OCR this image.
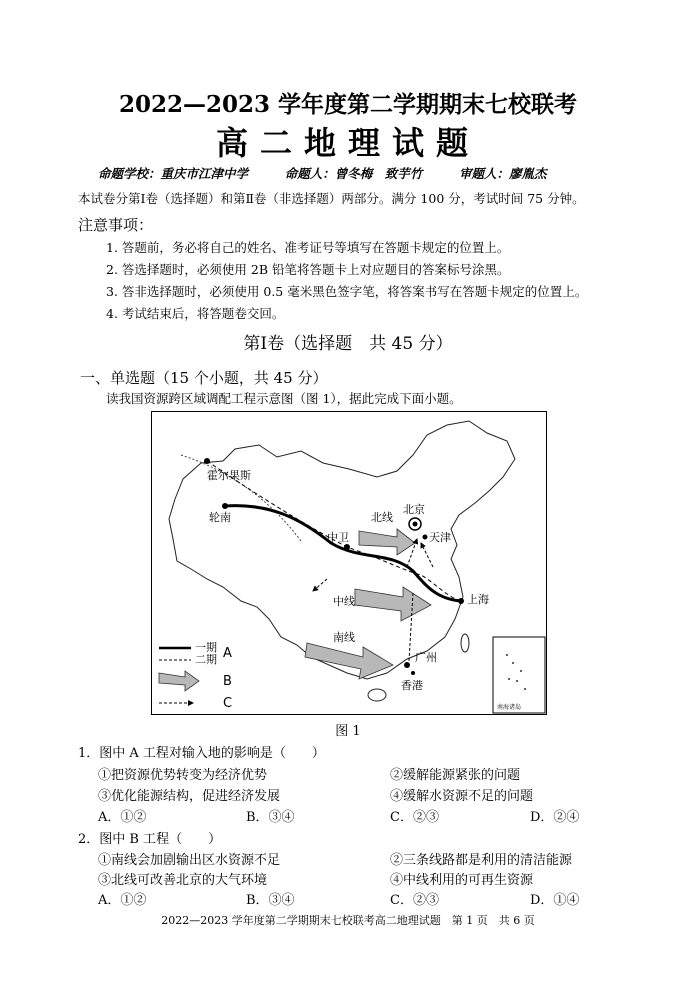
2022—2023 学年度第二学期期末七校联考
高二地理试题
命题学校：重庆市江津中学	命题人：曾冬梅　致芋竹	审题人：廖胤杰
本试卷分第Ⅰ卷（选择题）和第Ⅱ卷（非选择题）两部分。满分 100 分，考试时间 75 分钟。
注意事项：
1. 答题前，务必将自己的姓名、准考证号等填写在答题卡规定的位置上。
2. 答选择题时，必须使用 2B 铅笔将答题卡上对应题目的答案标号涂黑。
3. 答非选择题时，必须使用 0.5 毫米黑色签字笔，将答案书写在答题卡规定的位置上。
4. 考试结束后，将答题卷交回。
第Ⅰ卷（选择题　共 45 分）
一、单选题（15 个小题，共 45 分）
读我国资源跨区域调配工程示意图（图 1），据此完成下面小题。
南海诸岛
霍尔果斯
轮南
中卫
北京
天津
上海
广州
香港
北线
中线
南线
一期
二期 A
B
C
图 1
1．图中 A 工程对输入地的影响是（　　）
①把资源优势转变为经济优势	②缓解能源紧张的问题
③优化能源结构，促进经济发展	④缓解水资源不足的问题
A．①②	B．③④	C．②③	D．②④
2．图中 B 工程（　　）
①南线会加剧输出区水资源不足	②三条线路都是利用的清洁能源
③北线可改善北京的大气环境	④中线利用的可再生资源
A．①②	B．③④	C．②③	D．①④
2022—2023 学年度第二学期期末七校联考高二地理试题　第 1 页　共 6 页
